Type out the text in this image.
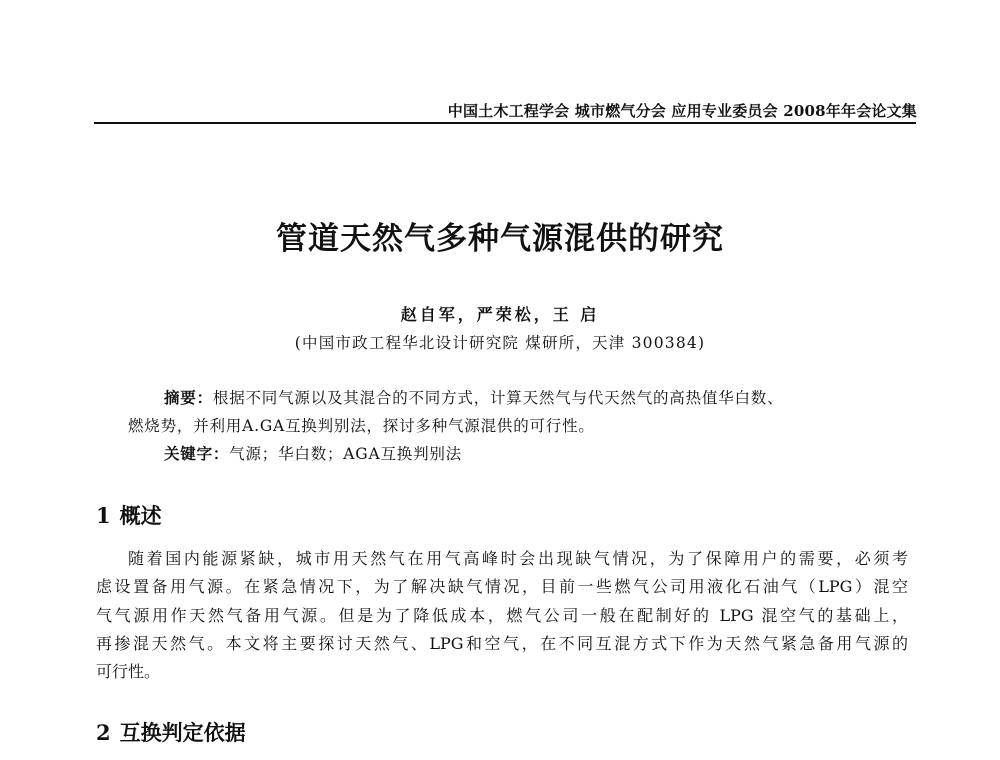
中国土木工程学会 城市燃气分会 应用专业委员会 2008年年会论文集
管道天然气多种气源混供的研究
赵自军，严荣松，王 启
(中国市政工程华北设计研究院 煤研所，天津 300384)
摘要：根据不同气源以及其混合的不同方式，计算天然气与代天然气的高热值华白数、
燃烧势，并利用A.GA互换判别法，探讨多种气源混供的可行性。
关键字：气源；华白数；AGA互换判别法
1 概述
随着国内能源紧缺，城市用天然气在用气高峰时会出现缺气情况，为了保障用户的需要，必须考
虑设置备用气源。在紧急情况下，为了解决缺气情况，目前一些燃气公司用液化石油气（LPG）混空
气气源用作天然气备用气源。但是为了降低成本，燃气公司一般在配制好的 LPG 混空气的基础上，
再掺混天然气。本文将主要探讨天然气、LPG和空气，在不同互混方式下作为天然气紧急备用气源的
可行性。
2 互换判定依据
